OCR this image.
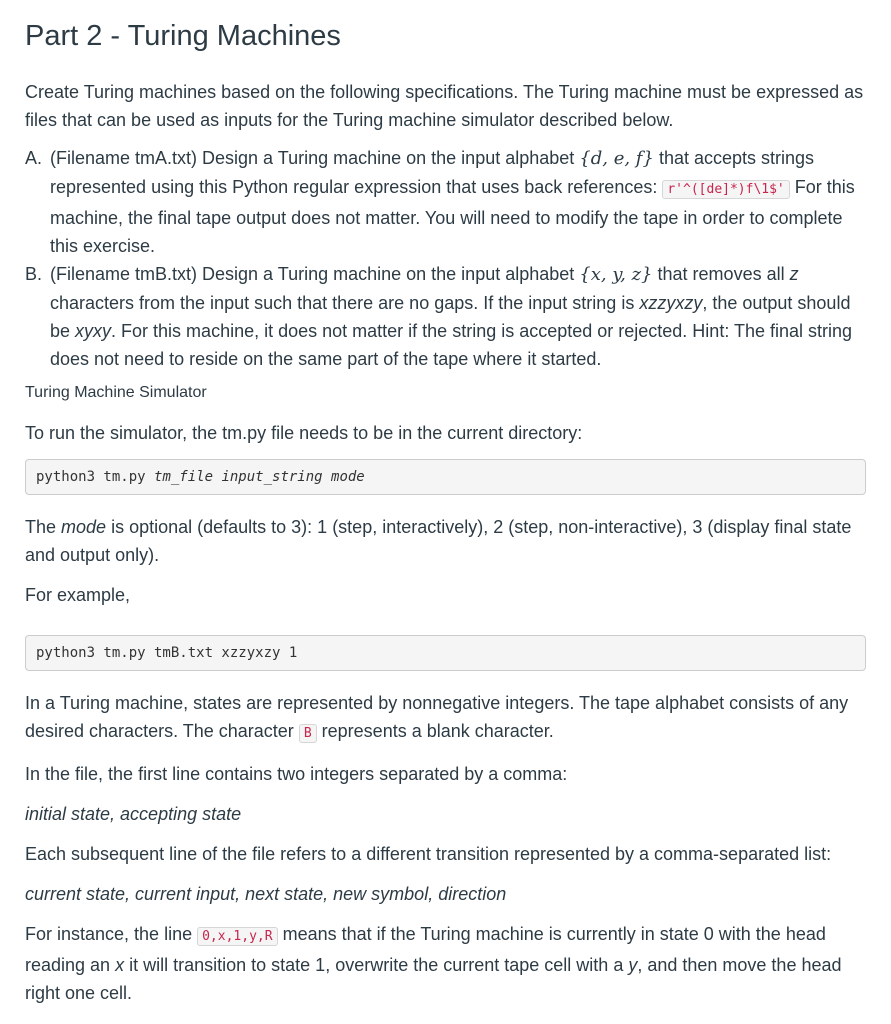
Part 2 - Turing Machines

Create Turing machines based on the following specifications. The Turing machine must be expressed as files that can be used as inputs for the Turing machine simulator described below.

A. (Filename tmA.txt) Design a Turing machine on the input alphabet {d, e, f} that accepts strings represented using this Python regular expression that uses back references: r'^([de]*)f\1$' For this machine, the final tape output does not matter. You will need to modify the tape in order to complete this exercise.
B. (Filename tmB.txt) Design a Turing machine on the input alphabet {x, y, z} that removes all z characters from the input such that there are no gaps. If the input string is xzzyxzy, the output should be xyxy. For this machine, it does not matter if the string is accepted or rejected. Hint: The final string does not need to reside on the same part of the tape where it started.

Turing Machine Simulator

To run the simulator, the tm.py file needs to be in the current directory:

python3 tm.py tm_file input_string mode

The mode is optional (defaults to 3): 1 (step, interactively), 2 (step, non-interactive), 3 (display final state and output only).

For example,

python3 tm.py tmB.txt xzzyxzy 1

In a Turing machine, states are represented by nonnegative integers. The tape alphabet consists of any desired characters. The character B represents a blank character.

In the file, the first line contains two integers separated by a comma:

initial state, accepting state

Each subsequent line of the file refers to a different transition represented by a comma-separated list:

current state, current input, next state, new symbol, direction

For instance, the line 0,x,1,y,R means that if the Turing machine is currently in state 0 with the head reading an x it will transition to state 1, overwrite the current tape cell with a y, and then move the head right one cell.
